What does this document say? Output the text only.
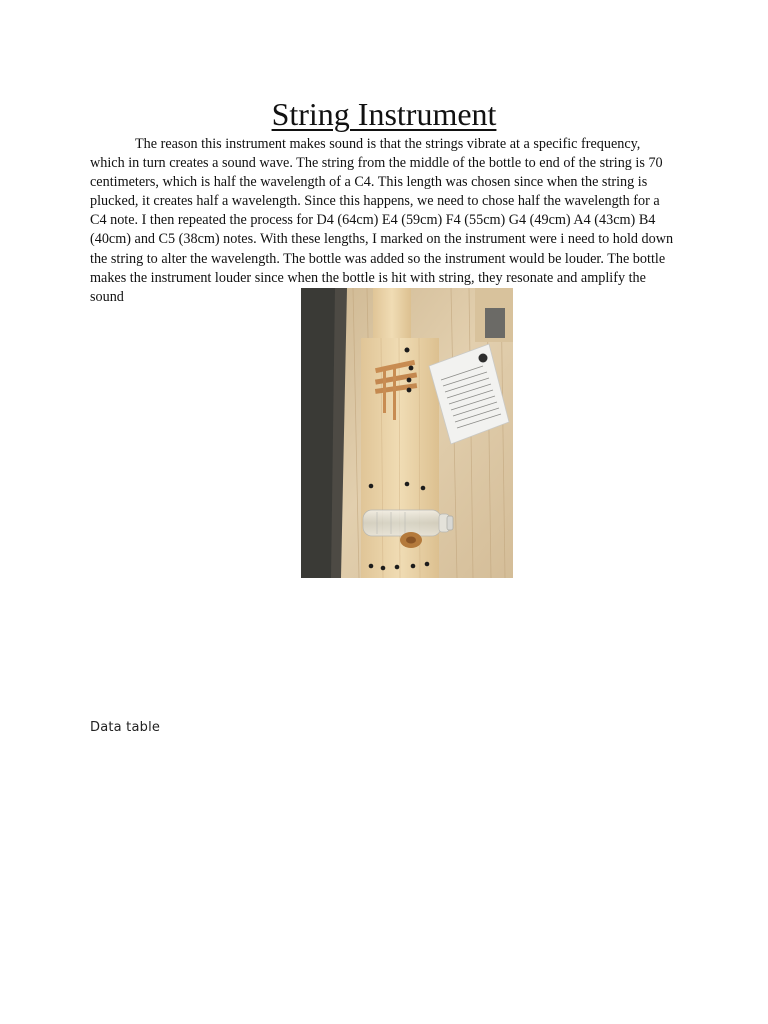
String Instrument

The reason this instrument makes sound is that the strings vibrate at a specific frequency, which in turn creates a sound wave. The string from the middle of the bottle to end of the string is 70 centimeters, which is half the wavelength of a C4. This length was chosen since when the string is plucked, it creates half a wavelength. Since this happens, we need to chose half the wavelength for a C4 note. I then repeated the process for D4 (64cm) E4 (59cm) F4 (55cm) G4 (49cm) A4 (43cm) B4 (40cm) and C5 (38cm) notes. With these lengths, I marked on the instrument were i need to hold down the string to alter the wavelength. The bottle was added so the instrument would be louder. The bottle makes the instrument louder since when the bottle is hit with string, they resonate and amplify the sound

Data table
